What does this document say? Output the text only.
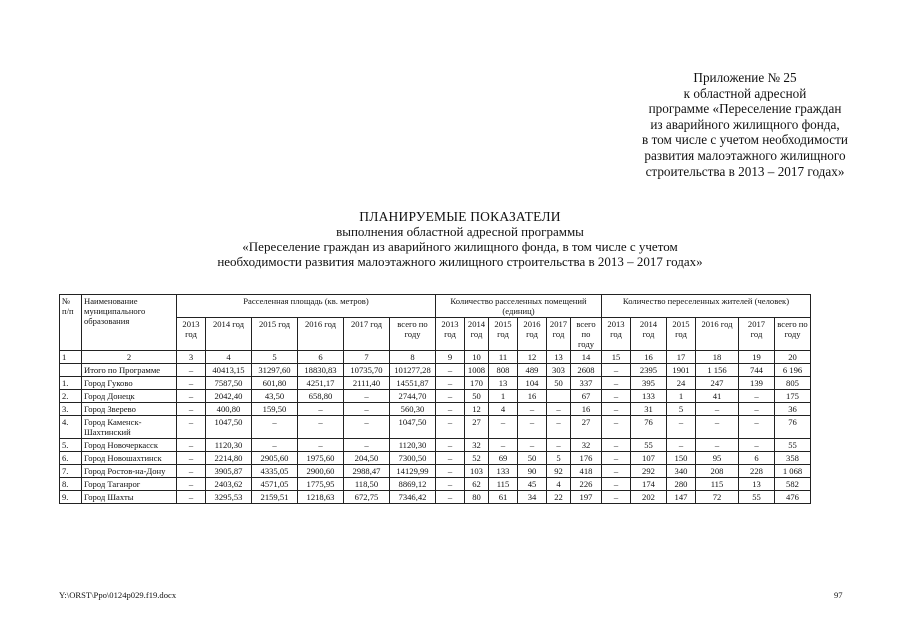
Приложение № 25
к областной адресной
программе «Переселение граждан
из аварийного жилищного фонда,
в том числе с учетом необходимости
развития малоэтажного жилищного
строительства в 2013 – 2017 годах»
ПЛАНИРУЕМЫЕ ПОКАЗАТЕЛИ
выполнения областной адресной программы
«Переселение граждан из аварийного жилищного фонда, в том числе с учетом
необходимости развития малоэтажного жилищного строительства в 2013 – 2017 годах»
№ п/п	Наименование муниципального образования	Расселенная площадь (кв. метров)						Количество расселенных помещений (единиц)						Количество переселенных жителей (человек)					
		2013 год	2014 год	2015 год	2016 год	2017 год	всего по году	2013 год	2014 год	2015 год	2016 год	2017 год	всего по году	2013 год	2014 год	2015 год	2016 год	2017 год	всего по году
1	2	3	4	5	6	7	8	9	10	11	12	13	14	15	16	17	18	19	20
	Итого по Программе	–	40413,15	31297,60	18830,83	10735,70	101277,28	–	1008	808	489	303	2608	–	2395	1901	1 156	744	6 196
1.	Город Гуково	–	7587,50	601,80	4251,17	2111,40	14551,87	–	170	13	104	50	337	–	395	24	247	139	805
2.	Город Донецк	–	2042,40	43,50	658,80	–	2744,70	–	50	1	16		67	–	133	1	41	–	175
3.	Город Зверево	–	400,80	159,50	–	–	560,30	–	12	4	–	–	16	–	31	5	–	–	36
4.	Город Каменск-Шахтинский	–	1047,50	–	–	–	1047,50	–	27	–	–	–	27	–	76	–	–	–	76
5.	Город Новочеркасск	–	1120,30	–	–	–	1120,30	–	32	–	–	–	32	–	55	–	–	–	55
6.	Город Новошахтинск	–	2214,80	2905,60	1975,60	204,50	7300,50	–	52	69	50	5	176	–	107	150	95	6	358
7.	Город Ростов-на-Дону	–	3905,87	4335,05	2900,60	2988,47	14129,99	–	103	133	90	92	418	–	292	340	208	228	1 068
8.	Город Таганрог	–	2403,62	4571,05	1775,95	118,50	8869,12	–	62	115	45	4	226	–	174	280	115	13	582
9.	Город Шахты	–	3295,53	2159,51	1218,63	672,75	7346,42	–	80	61	34	22	197	–	202	147	72	55	476
Y:\ORST\Ppo\0124p029.f19.docx	97
